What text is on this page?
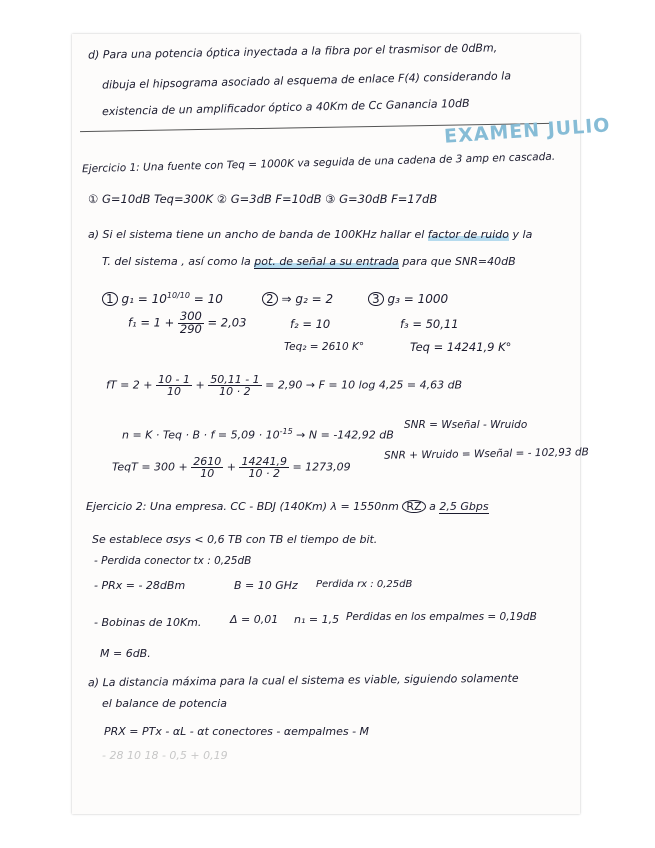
d) Para una potencia óptica inyectada a la fibra por el trasmisor de 0dBm,
dibuja el hipsograma asociado al esquema de enlace F(4) considerando la
existencia de un amplificador óptico a 40Km de Cc Ganancia 10dB
EXAMEN JULIO
Ejercicio 1: Una fuente con Teq = 1000K va seguida de una cadena de 3 amp en cascada.
① G=10dB Teq=300K ② G=3dB F=10dB ③ G=30dB F=17dB
a) Si el sistema tiene un ancho de banda de 100KHz hallar el factor de ruido y la
T. del sistema , así como la pot. de señal a su entrada para que SNR=40dB
1 $g_1 = 10^{10/10} = 10$	2 ⇒ g₂ = 2	3 g₃ = 1000
$f_1 = 1 + \frac{300}{290} = 2,03$	f₂ = 10	f₃ = 50,11
Teq₂ = 2610 K°	Teq = 14241,9 K°
fT = $2 + \frac{10 - 1}{10} + \frac{50,11 - 1}{10 \cdot 2} = 2,90 \to F = 10$ log 4,25 = 4,63 dB
n = K · Teq · $B \cdot f = 5,09 \cdot 10^{-15} \to N = -142,92$ dB
SNR = Wseñal - Wruido
SNR + Wruido = Wseñal = - 102,93 dB
TeqT = $300 + \frac{2610}{10} + \frac{14241,9}{10 \cdot 2} = 1273,09$
Ejercicio 2: Una empresa. CC - BDJ (140Km) λ = 1550nm RZ a 2,5 Gbps
Se establece σsys < 0,6 TB con TB el tiempo de bit.
- Perdida conector tx : 0,25dB
- PRx = - 28dBm	B = 10 GHz Perdida rx : 0,25dB
- Bobinas de 10Km.	Δ = 0,01 n₁ = 1,5 Perdidas en los empalmes = 0,19dB
M = 6dB.
a) La distancia máxima para la cual el sistema es viable, siguiendo solamente
el balance de potencia
PRX = PTx - αL - αt conectores - αempalmes - M
- 28 10 18 - 0,5 + 0,19
